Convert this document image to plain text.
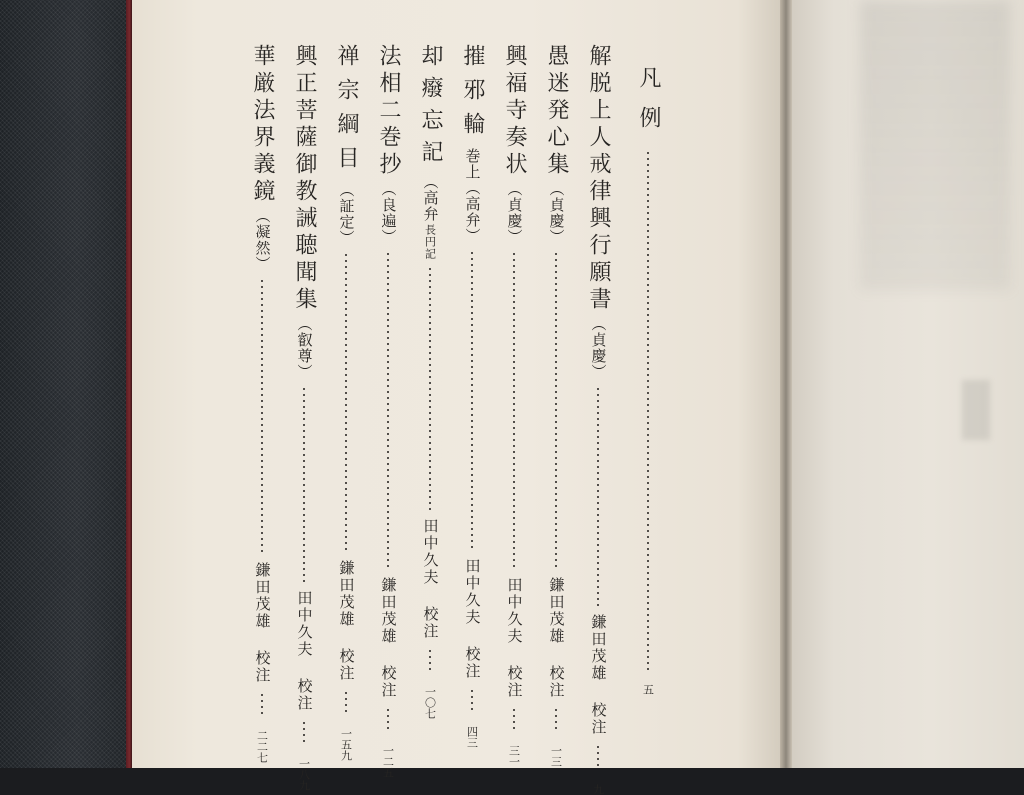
凡例
五
解脱上人戒律興行願書
（貞慶）
鎌田茂雄 校注
九
愚迷発心集
（貞慶）
鎌田茂雄 校注
一三
興福寺奏状
（貞慶）
田中久夫 校注
三一
摧邪輪
巻上（高弁）
田中久夫 校注
四三
却癈忘記
（高弁
長円記
田中久夫 校注
一〇七
法相二巻抄
（良遍）
鎌田茂雄 校注
一二五
禅宗綱目
（証定）
鎌田茂雄 校注
一五九
興正菩薩御教誡聴聞集
（叡尊）
田中久夫 校注
一八九
華厳法界義鏡
（凝然）
鎌田茂雄 校注
二二七
